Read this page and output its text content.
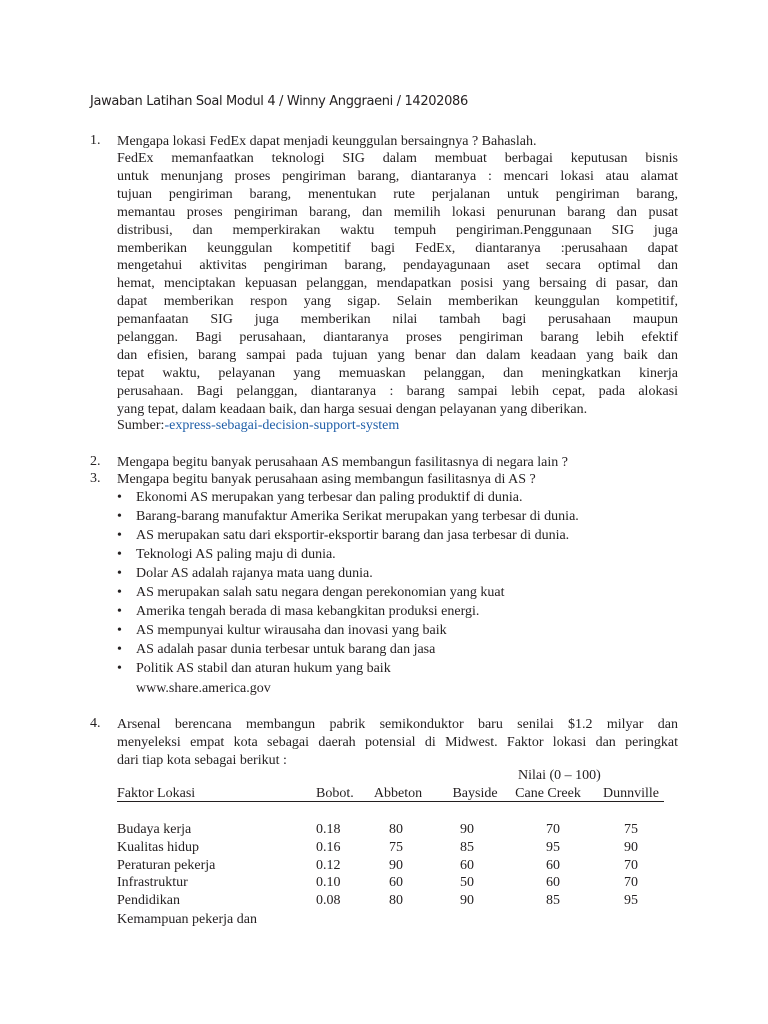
Jawaban Latihan Soal Modul 4 / Winny Anggraeni / 14202086
1. Mengapa lokasi FedEx dapat menjadi keunggulan bersaingnya ? Bahaslah.
FedEx memanfaatkan teknologi SIG dalam membuat berbagai keputusan bisnis
untuk menunjang proses pengiriman barang, diantaranya : mencari lokasi atau alamat
tujuan pengiriman barang, menentukan rute perjalanan untuk pengiriman barang,
memantau proses pengiriman barang, dan memilih lokasi penurunan barang dan pusat
distribusi, dan memperkirakan waktu tempuh pengiriman.Penggunaan SIG juga
memberikan keunggulan kompetitif bagi FedEx, diantaranya :perusahaan dapat
mengetahui aktivitas pengiriman barang, pendayagunaan aset secara optimal dan
hemat, menciptakan kepuasan pelanggan, mendapatkan posisi yang bersaing di pasar, dan
dapat memberikan respon yang sigap. Selain memberikan keunggulan kompetitif,
pemanfaatan SIG juga memberikan nilai tambah bagi perusahaan maupun
pelanggan. Bagi perusahaan, diantaranya proses pengiriman barang lebih efektif
dan efisien, barang sampai pada tujuan yang benar dan dalam keadaan yang baik dan
tepat waktu, pelayanan yang memuaskan pelanggan, dan meningkatkan kinerja
perusahaan. Bagi pelanggan, diantaranya : barang sampai lebih cepat, pada alokasi
yang tepat, dalam keadaan baik, dan harga sesuai dengan pelayanan yang diberikan.
Sumber:-express-sebagai-decision-support-system
2. Mengapa begitu banyak perusahaan AS membangun fasilitasnya di negara lain ?
3. Mengapa begitu banyak perusahaan asing membangun fasilitasnya di AS ?
• Ekonomi AS merupakan yang terbesar dan paling produktif di dunia.
• Barang-barang manufaktur Amerika Serikat merupakan yang terbesar di dunia.
• AS merupakan satu dari eksportir-eksportir barang dan jasa terbesar di dunia.
• Teknologi AS paling maju di dunia.
• Dolar AS adalah rajanya mata uang dunia.
• AS merupakan salah satu negara dengan perekonomian yang kuat
• Amerika tengah berada di masa kebangkitan produksi energi.
• AS mempunyai kultur wirausaha dan inovasi yang baik
• AS adalah pasar dunia terbesar untuk barang dan jasa
• Politik AS stabil dan aturan hukum yang baik
www.share.america.gov
4. Arsenal berencana membangun pabrik semikonduktor baru senilai $1.2 milyar dan
menyeleksi empat kota sebagai daerah potensial di Midwest. Faktor lokasi dan peringkat
dari tiap kota sebagai berikut :
Nilai (0 – 100)
Faktor Lokasi	Bobot.	Abbeton	Bayside	Cane Creek	Dunnville
Budaya kerja	0.18	80	90	70	75
Kualitas hidup	0.16	75	85	95	90
Peraturan pekerja	0.12	90	60	60	70
Infrastruktur	0.10	60	50	60	70
Pendidikan	0.08	80	90	85	95
Kemampuan pekerja dan
